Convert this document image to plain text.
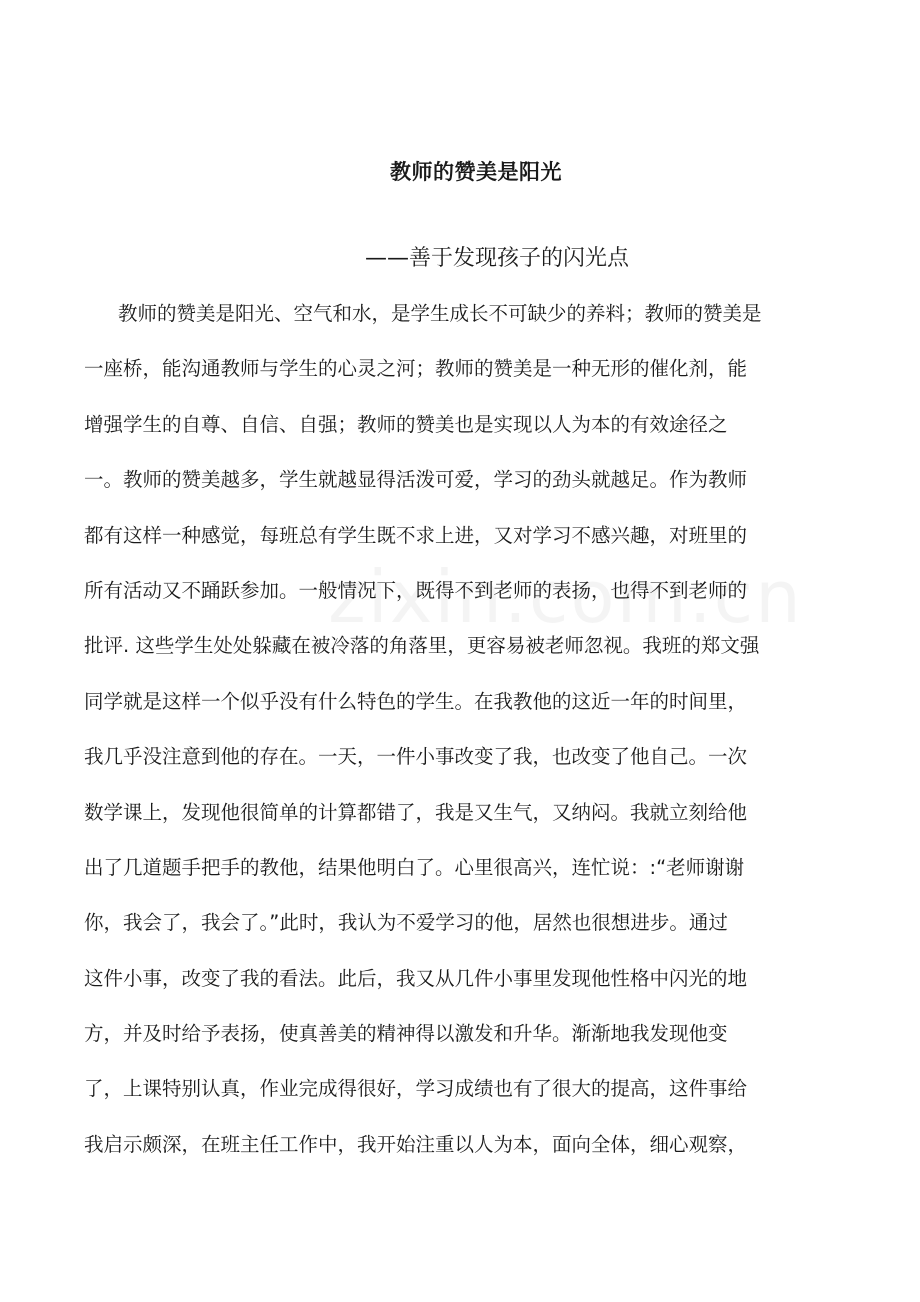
教师的赞美是阳光
——善于发现孩子的闪光点
教师的赞美是阳光、空气和水，是学生成长不可缺少的养料；教师的赞美是
一座桥，能沟通教师与学生的心灵之河；教师的赞美是一种无形的催化剂，能
增强学生的自尊、自信、自强；教师的赞美也是实现以人为本的有效途径之
一。教师的赞美越多，学生就越显得活泼可爱，学习的劲头就越足。作为教师
都有这样一种感觉，每班总有学生既不求上进，又对学习不感兴趣，对班里的
所有活动又不踊跃参加。一般情况下，既得不到老师的表扬，也得不到老师的
批评. 这些学生处处躲藏在被冷落的角落里，更容易被老师忽视。我班的郑文强
同学就是这样一个似乎没有什么特色的学生。在我教他的这近一年的时间里，
我几乎没注意到他的存在。一天，一件小事改变了我，也改变了他自己。一次
数学课上，发现他很简单的计算都错了，我是又生气，又纳闷。我就立刻给他
出了几道题手把手的教他，结果他明白了。心里很高兴，连忙说：:“老师谢谢
你，我会了，我会了。”此时，我认为不爱学习的他，居然也很想进步。通过
这件小事，改变了我的看法。此后，我又从几件小事里发现他性格中闪光的地
方，并及时给予表扬，使真善美的精神得以激发和升华。渐渐地我发现他变
了，上课特别认真，作业完成得很好，学习成绩也有了很大的提高，这件事给
我启示颇深，在班主任工作中，我开始注重以人为本，面向全体，细心观察，
